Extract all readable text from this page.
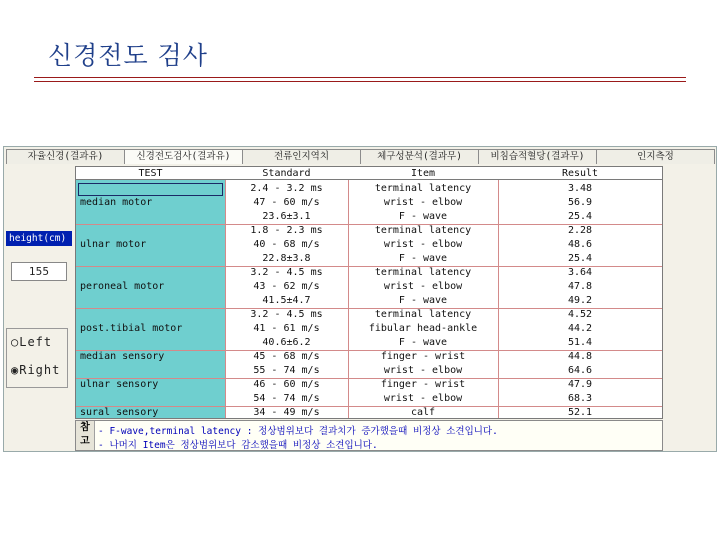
신경전도 검사
자율신경(결과유)	신경전도검사(결과유)	전류인지역치	체구성분석(결과무)	비침습적혈당(결과무)	인지측정
height(cm)
155
○Left
◉Right
TEST	Standard	Item	Result
2.4 - 3.2 ms	terminal latency	3.48
median motor	47 - 60 m/s	wrist - elbow	56.9
23.6±3.1	F - wave	25.4
1.8 - 2.3 ms	terminal latency	2.28
ulnar motor	40 - 68 m/s	wrist - elbow	48.6
22.8±3.8	F - wave	25.4
3.2 - 4.5 ms	terminal latency	3.64
peroneal motor	43 - 62 m/s	wrist - elbow	47.8
41.5±4.7	F - wave	49.2
3.2 - 4.5 ms	terminal latency	4.52
post.tibial motor	41 - 61 m/s	fibular head-ankle	44.2
40.6±6.2	F - wave	51.4
median sensory	45 - 68 m/s	finger - wrist	44.8
55 - 74 m/s	wrist - elbow	64.6
ulnar sensory	46 - 60 m/s	finger - wrist	47.9
54 - 74 m/s	wrist - elbow	68.3
sural sensory	34 - 49 m/s	calf	52.1
참고
- F-wave,terminal latency : 정상범위보다 결과치가 증가했을때 비정상 소견입니다.
- 나머지 Item은 정상범위보다 감소했을때 비정상 소견입니다.
